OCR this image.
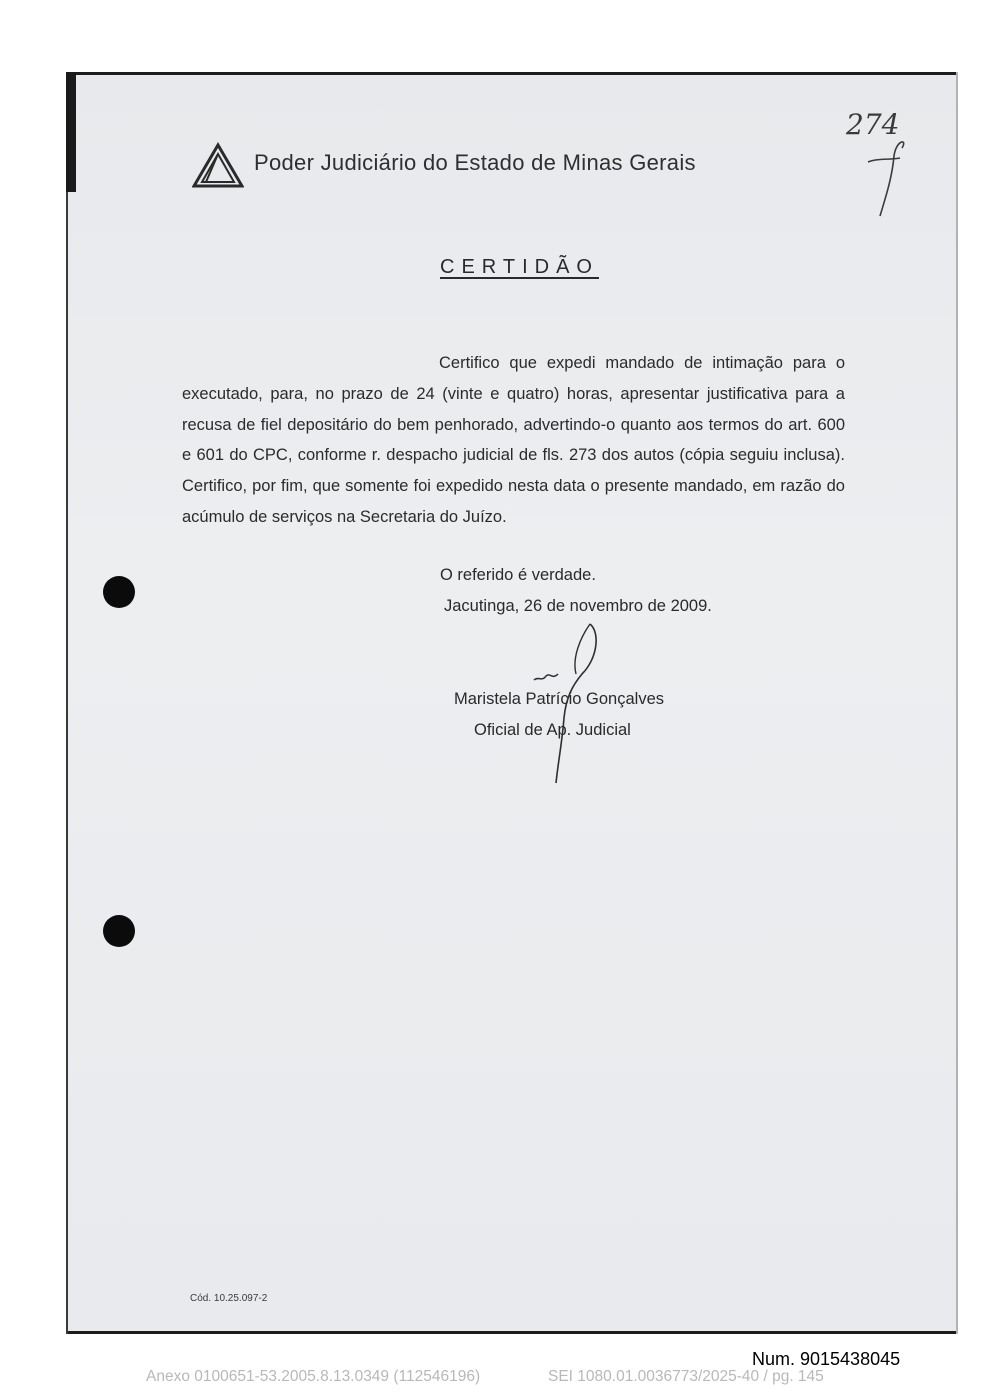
Poder Judiciário do Estado de Minas Gerais
274
CERTIDÃO
Certifico que expedi mandado de intimação para o executado, para, no prazo de 24 (vinte e quatro) horas, apresentar justificativa para a recusa de fiel depositário do bem penhorado, advertindo-o quanto aos termos do art. 600 e 601 do CPC, conforme r. despacho judicial de fls. 273 dos autos (cópia seguiu inclusa). Certifico, por fim, que somente foi expedido nesta data o presente mandado, em razão do acúmulo de serviços na Secretaria do Juízo.
O referido é verdade.
Jacutinga, 26 de novembro de 2009.
Maristela Patrício Gonçalves
Oficial de Ap. Judicial
Cód. 10.25.097-2
Num. 9015438045
Anexo 0100651-53.2005.8.13.0349 (112546196)	SEI 1080.01.0036773/2025-40 / pg. 145
